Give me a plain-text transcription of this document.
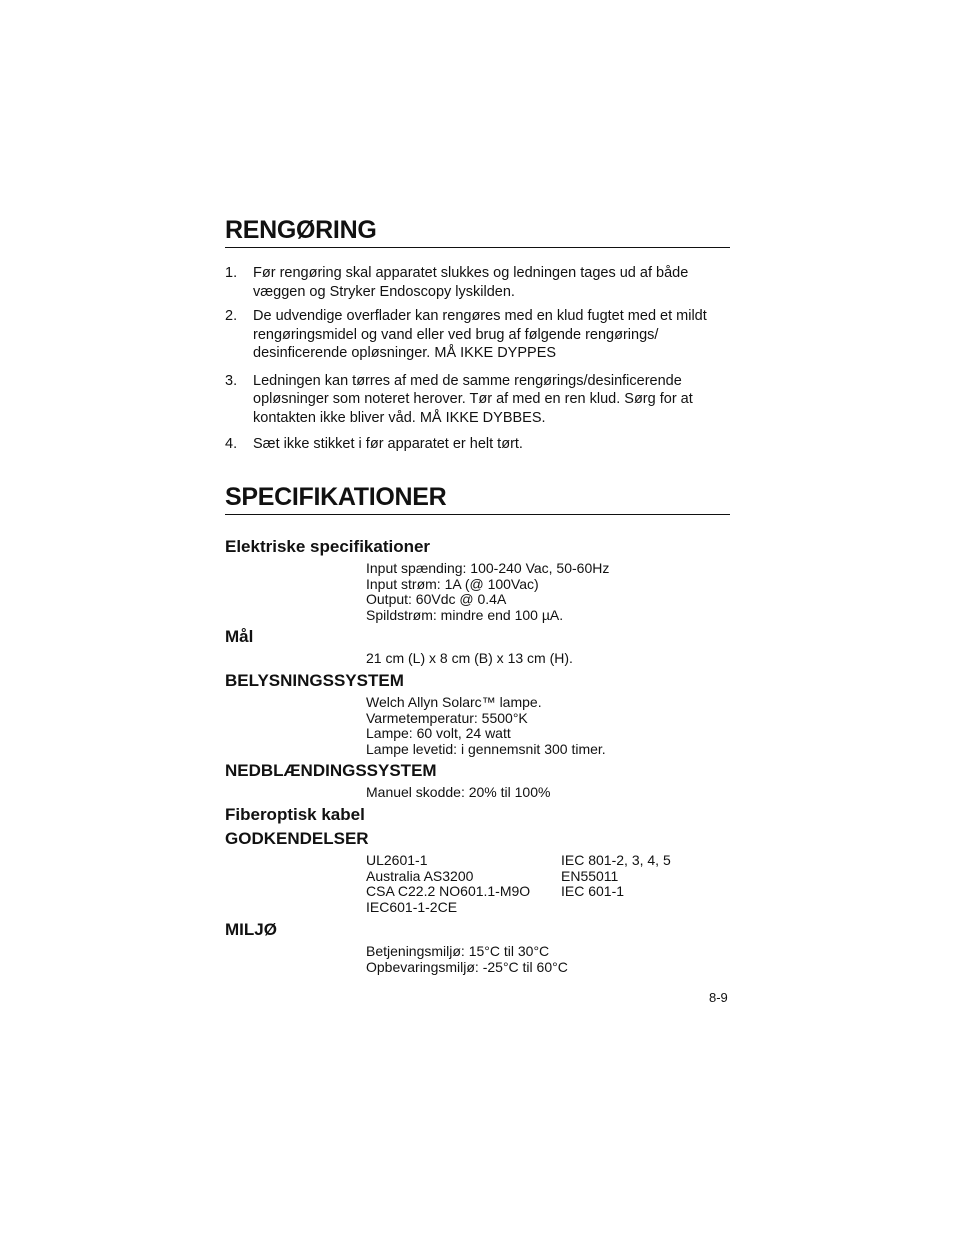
RENGØRING
1. Før rengøring skal apparatet slukkes og ledningen tages ud af både væggen og Stryker Endoscopy lyskilden.
2. De udvendige overflader kan rengøres med en klud fugtet med et mildt rengøringsmidel og vand eller ved brug af følgende rengørings/ desinficerende opløsninger. MÅ IKKE DYPPES
3. Ledningen kan tørres af med de samme rengørings/desinficerende opløsninger som noteret herover. Tør af med en ren klud. Sørg for at kontakten ikke bliver våd. MÅ IKKE DYBBES.
4. Sæt ikke stikket i før apparatet er helt tørt.
SPECIFIKATIONER
Elektriske specifikationer
Input spænding: 100-240 Vac, 50-60Hz
Input strøm: 1A (@ 100Vac)
Output: 60Vdc @ 0.4A
Spildstrøm: mindre end 100 µA.
Mål
21 cm (L) x 8 cm (B) x 13 cm (H).
BELYSNINGSSYSTEM
Welch Allyn Solarc™ lampe.
Varmetemperatur: 5500°K
Lampe: 60 volt, 24 watt
Lampe levetid: i gennemsnit 300 timer.
NEDBLÆNDINGSSYSTEM
Manuel skodde: 20% til 100%
Fiberoptisk kabel
GODKENDELSER
UL2601-1
Australia AS3200
CSA C22.2 NO601.1-M9O
IEC601-1-2CE
IEC 801-2, 3, 4, 5
EN55011
IEC 601-1
MILJØ
Betjeningsmiljø: 15°C til 30°C
Opbevaringsmiljø: -25°C til 60°C
8-9
